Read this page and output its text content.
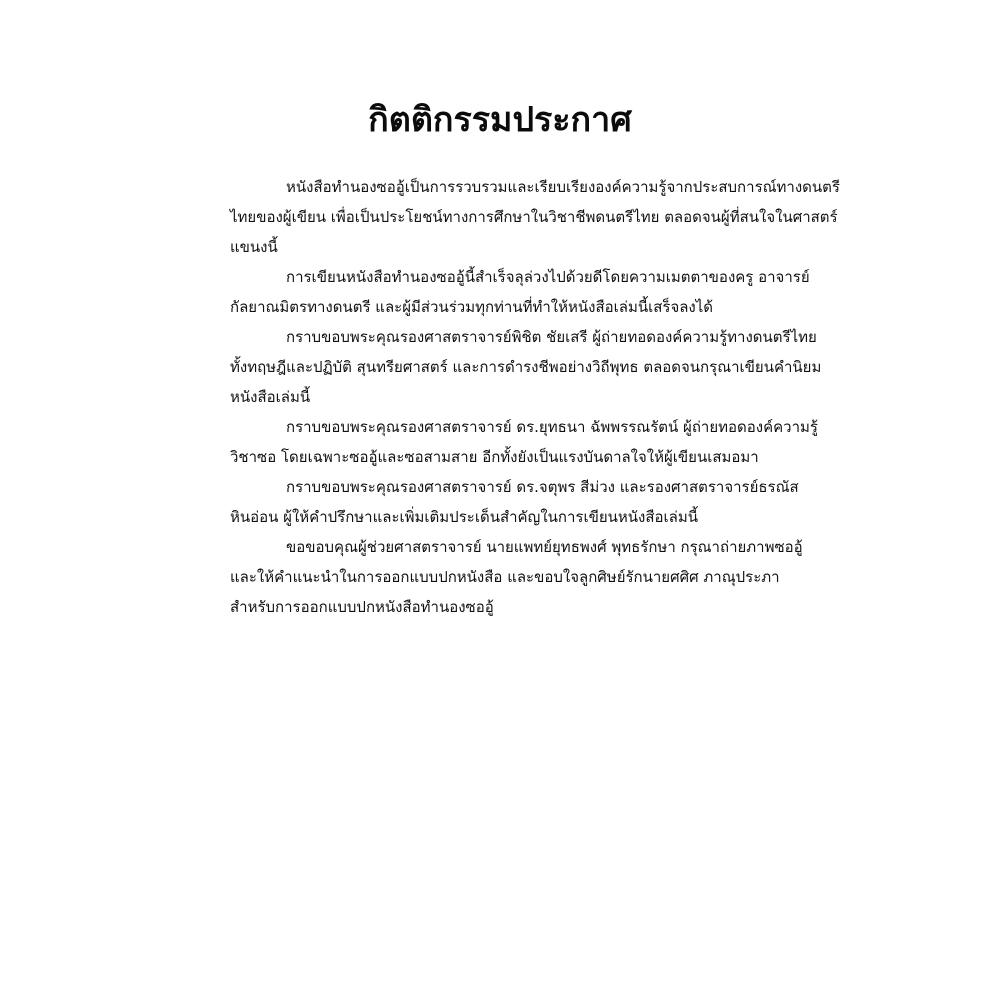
กิตติกรรมประกาศ
หนังสือทำนองซออู้เป็นการรวบรวมและเรียบเรียงองค์ความรู้จากประสบการณ์ทางดนตรี
ไทยของผู้เขียน เพื่อเป็นประโยชน์ทางการศึกษาในวิชาชีพดนตรีไทย ตลอดจนผู้ที่สนใจในศาสตร์
แขนงนี้
การเขียนหนังสือทำนองซออู้นี้สำเร็จลุล่วงไปด้วยดีโดยความเมตตาของครู อาจารย์
กัลยาณมิตรทางดนตรี และผู้มีส่วนร่วมทุกท่านที่ทำให้หนังสือเล่มนี้เสร็จลงได้
กราบขอบพระคุณรองศาสตราจารย์พิชิต ชัยเสรี ผู้ถ่ายทอดองค์ความรู้ทางดนตรีไทย
ทั้งทฤษฎีและปฏิบัติ สุนทรียศาสตร์ และการดำรงชีพอย่างวิถีพุทธ ตลอดจนกรุณาเขียนคำนิยม
หนังสือเล่มนี้
กราบขอบพระคุณรองศาสตราจารย์ ดร.ยุทธนา ฉัพพรรณรัตน์ ผู้ถ่ายทอดองค์ความรู้
วิชาซอ โดยเฉพาะซออู้และซอสามสาย อีกทั้งยังเป็นแรงบันดาลใจให้ผู้เขียนเสมอมา
กราบขอบพระคุณรองศาสตราจารย์ ดร.จตุพร สีม่วง และรองศาสตราจารย์ธรณัส
หินอ่อน ผู้ให้คำปรึกษาและเพิ่มเติมประเด็นสำคัญในการเขียนหนังสือเล่มนี้
ขอขอบคุณผู้ช่วยศาสตราจารย์ นายแพทย์ยุทธพงศ์ พุทธรักษา กรุณาถ่ายภาพซออู้
และให้คำแนะนำในการออกแบบปกหนังสือ และขอบใจลูกศิษย์รักนายศศิศ ภาณุประภา
สำหรับการออกแบบปกหนังสือทำนองซออู้
